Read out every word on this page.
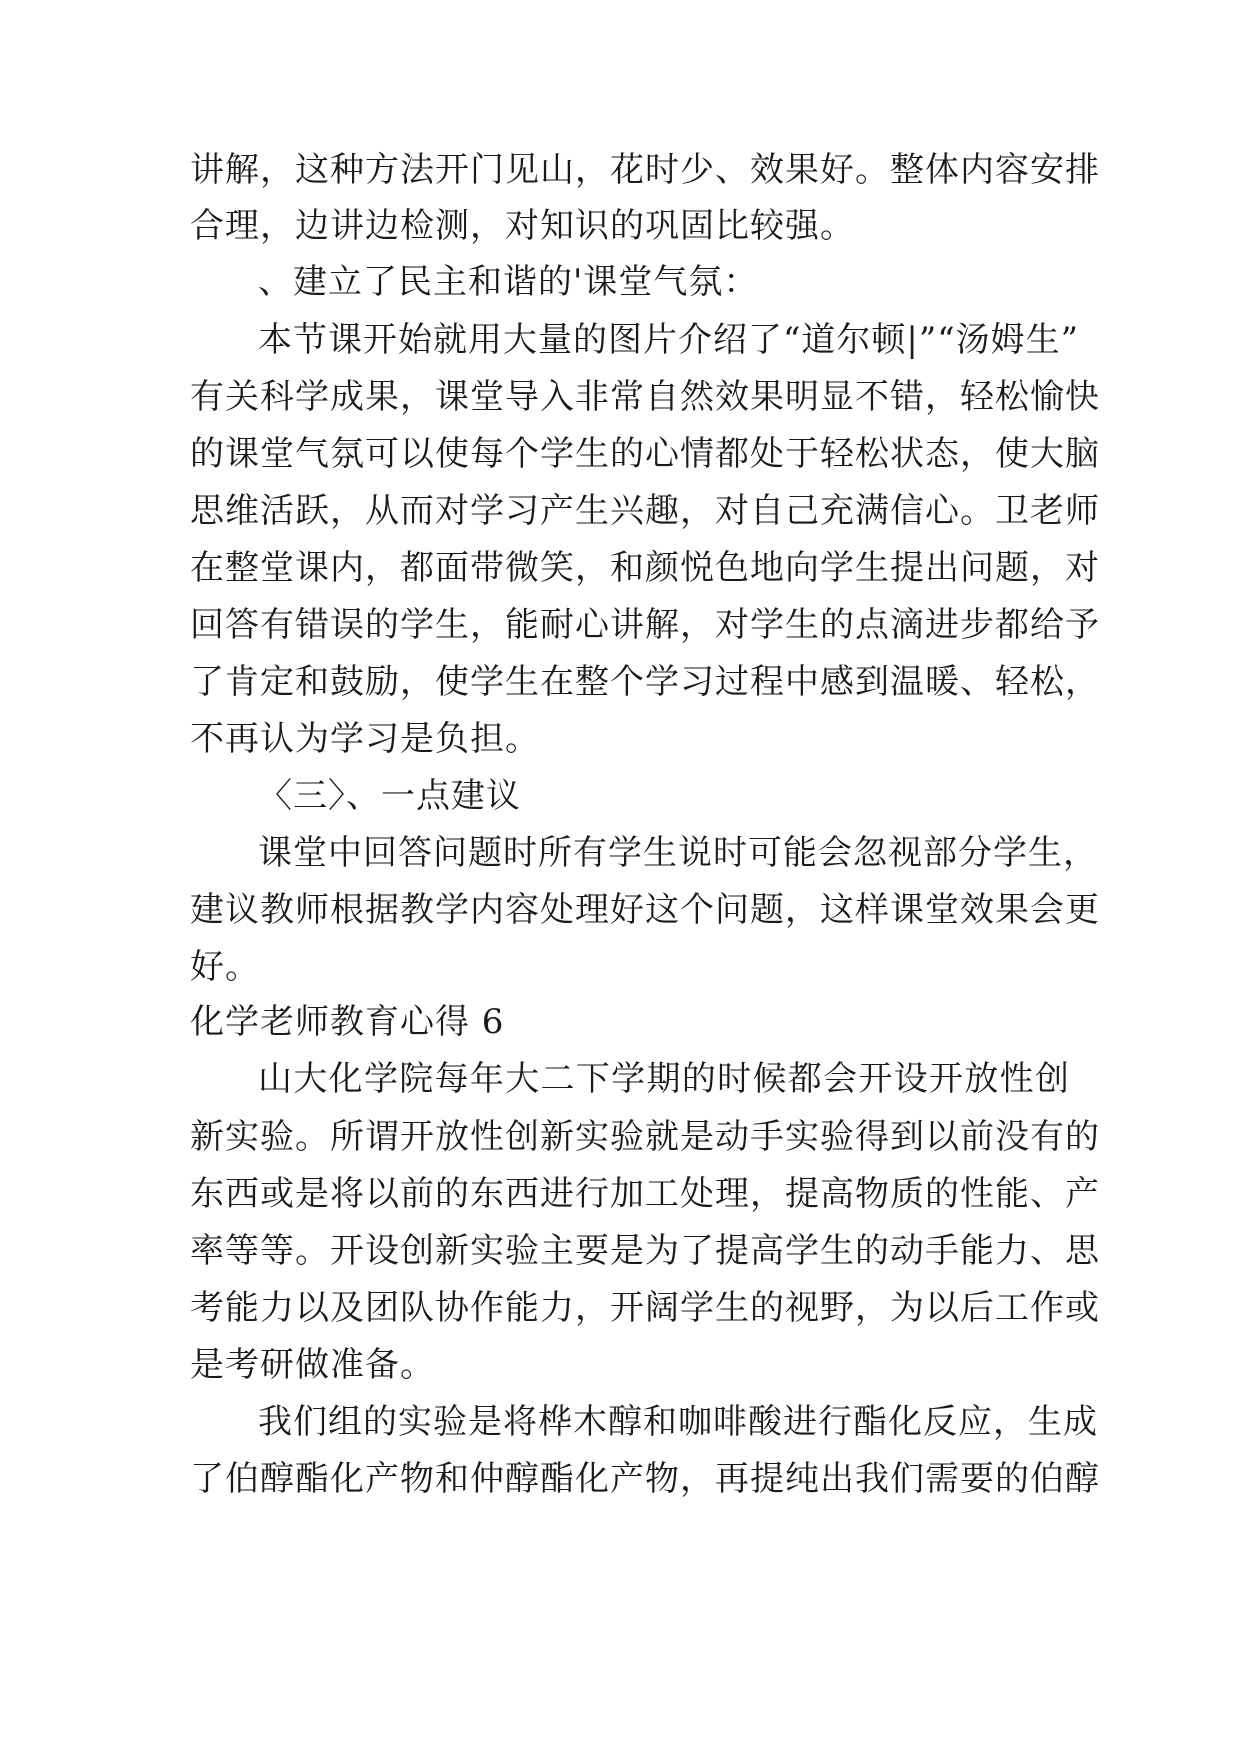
讲解，这种方法开门见山，花时少、效果好。整体内容安排
合理，边讲边检测，对知识的巩固比较强。
、建立了民主和谐的'课堂气氛：
本节课开始就用大量的图片介绍了“道尔顿|”“汤姆生”
有关科学成果，课堂导入非常自然效果明显不错，轻松愉快
的课堂气氛可以使每个学生的心情都处于轻松状态，使大脑
思维活跃，从而对学习产生兴趣，对自己充满信心。卫老师
在整堂课内，都面带微笑，和颜悦色地向学生提出问题，对
回答有错误的学生，能耐心讲解，对学生的点滴进步都给予
了肯定和鼓励，使学生在整个学习过程中感到温暖、轻松，
不再认为学习是负担。
〈三〉、一点建议
课堂中回答问题时所有学生说时可能会忽视部分学生，
建议教师根据教学内容处理好这个问题，这样课堂效果会更
好。
化学老师教育心得 6
山大化学院每年大二下学期的时候都会开设开放性创
新实验。所谓开放性创新实验就是动手实验得到以前没有的
东西或是将以前的东西进行加工处理，提高物质的性能、产
率等等。开设创新实验主要是为了提高学生的动手能力、思
考能力以及团队协作能力，开阔学生的视野，为以后工作或
是考研做准备。
我们组的实验是将桦木醇和咖啡酸进行酯化反应，生成
了伯醇酯化产物和仲醇酯化产物，再提纯出我们需要的伯醇
